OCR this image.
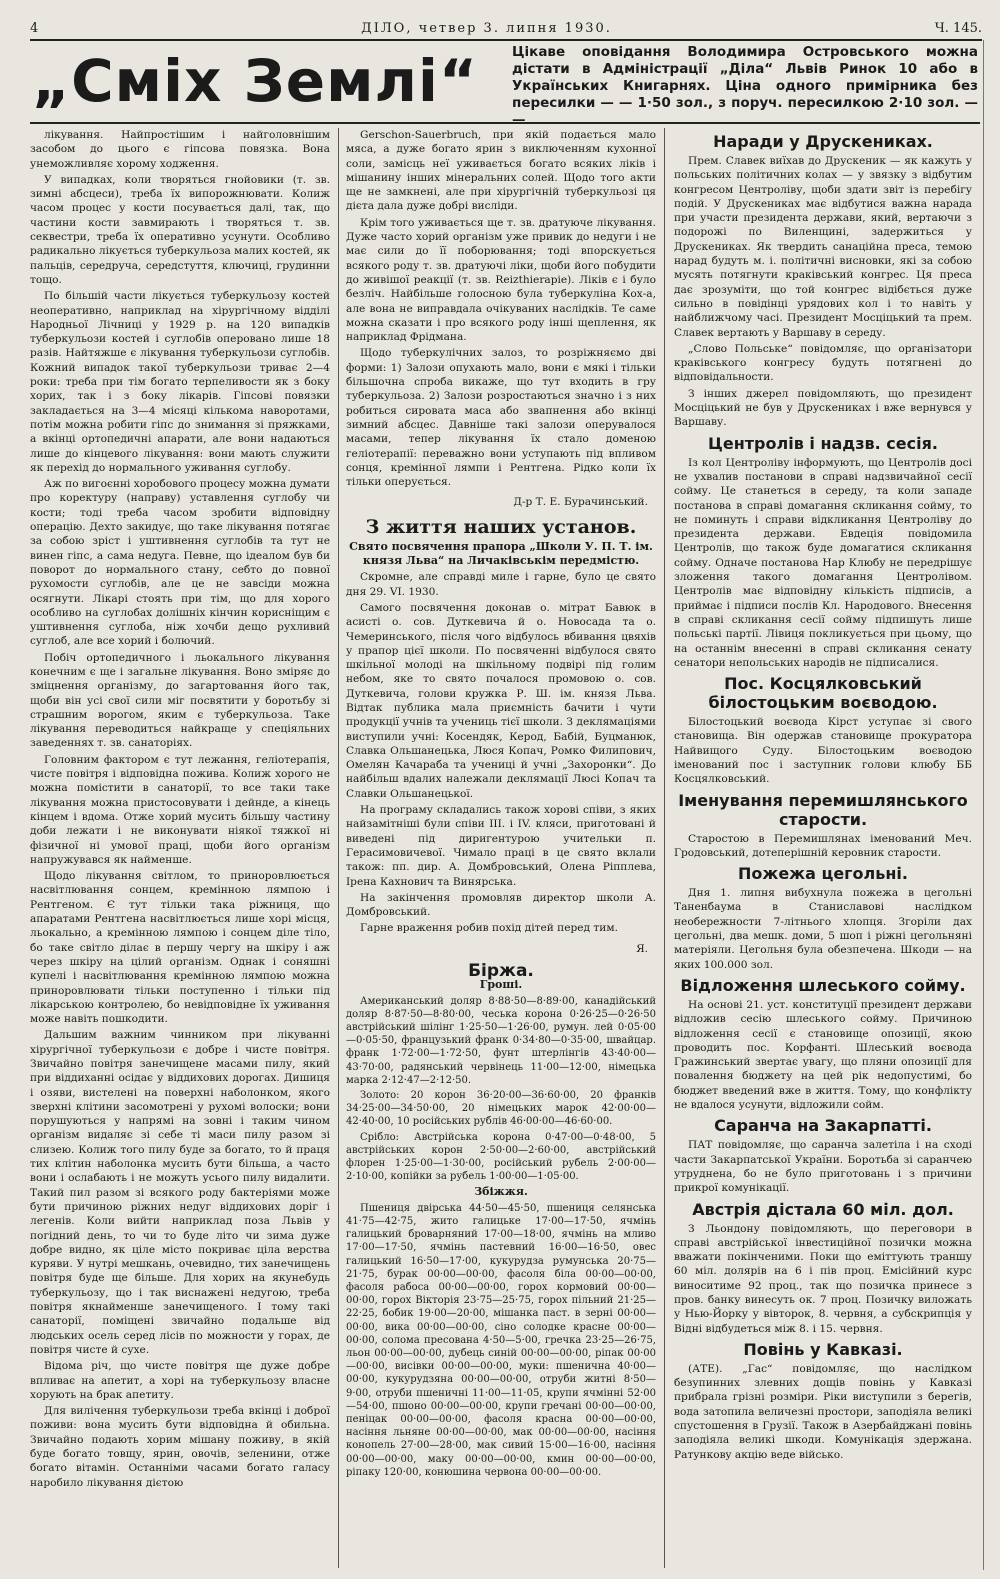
4	ДІЛО, четвер 3. липня 1930.	Ч. 145.
„Сміх Землі“	Цікаве оповідання Володимира Островського можна дістати в Адміністрації „Діла“ Львів Ринок 10 або в Українських Книгарнях. Ціна одного примірника без пересилки — — 1·50 зол., з поруч. пересилкою 2·10 зол. — —

лікування. Найпростішим і найголовнішим засобом до цього є гіпсова повязка. Вона унеможливляє хорому ходження.

У випадках, коли творяться гнойовики (т. зв. зимні абсцеси), треба їх випорожнювати. Колиж часом процес у кости посувається далі, так, що частини кости завмирають і творяться т. зв. секвестри, треба їх оперативно усунути. Особливо радикально лікується туберкульоза малих костей, як пальців, середруча, середстуття, ключиці, грудинни тощо.

По більшій части лікується туберкульозу костей неоперативно, наприклад на хірургічному відділі Народньої Лічниці у 1929 р. на 120 випадків туберкульози костей і суглобів оперовано лише 18 разів. Найтяжше є лікування туберкульози суглобів. Кожний випадок такої туберкульози триває 2—4 роки: треба при тім богато терпеливости як з боку хорих, так і з боку лікарів. Гіпсові повязки закладається на 3—4 місяці кількома наворотами, потім можна робити гіпс до знимання зі пряжками, а вкінці ортопедичні апарати, але вони надаються лише до кінцевого лікування: вони мають служити як перехід до нормального уживання суглобу.

Аж по вигоєнні хоробового процесу можна думати про коректуру (направу) уставлення суглобу чи кости; тоді треба часом зробити відповідну операцію. Дехто закидує, що таке лікування потягає за собою зріст і уштивнення суглобів та тут не винен гіпс, а сама недуга. Певне, що ідеалом був би поворот до нормального стану, себто до повної рухомости суглобів, але це не завсіди можна осягнути. Лікарі стоять при тім, що для хорого особливо на суглобах долішніх кінчин корисніщим є уштивнення суглоба, ніж хочби дещо рухливий суглоб, але все хорий і болючий.

Побіч ортопедичного і льокального лікування конечним є ще і загальне лікування. Воно зміряє до зміцнення організму, до загартовання його так, щоби він усі свої сили міг посвятити у боротьбу зі страшним ворогом, яким є туберкульоза. Таке лікування переводиться найкраще у спеціяльних заведеннях т. зв. санаторіях.

Головним фактором є тут лежання, геліотерапія, чисте повітря і відповідна пожива. Колиж хорого не можна помістити в санаторії, то все таки таке лікування можна пристосовувати і дейнде, а кінець кінцем і вдома. Отже хорий мусить більшу частину доби лежати і не виконувати ніякої тяжкої ні фізичної ні умової праці, щоби його організм напружувався як найменше.

Щодо лікування світлом, то приноровлюється насвітлювання сонцем, кремінною лямпою і Рентгеном. Є тут тільки така ріжниця, що апаратами Рентгена насвітлюється лише хорі місця, льокально, а кремінною лямпою і сонцем діле тіло, бо таке світло ділає в першу чергу на шкіру і аж через шкіру на цілий організм. Однак і соняшні купелі і насвітлювання кремінною лямпою можна приноровлювати тільки поступенно і тільки під лікарською контролею, бо невідповідне їх уживання може навіть пошкодити.

Дальшим важним чинником при лікуванні хірургічної туберкульози є добре і чисте повітря. Звичайно повітря занечищене масами пилу, який при віддиханні осідає у віддихових дорогах. Дишиця і озяви, вистелені на поверхні наболонком, якого зверхні клітини засомотрені у рухомі волоски; вони порушуються у напрямі на зовні і таким чином організм видаляє зі себе ті маси пилу разом зі слизею. Колиж того пилу буде за богато, то й праця тих клітин наболонка мусить бути більша, а часто вони і ослабають і не можуть усього пилу видалити. Такий пил разом зі всякого роду бактеріями може бути причиною ріжних недуг віддихових доріг і легенів. Коли вийти наприклад поза Львів у погідний день, то чи то буде літо чи зима дуже добре видно, як ціле місто покриває ціла верства куряви. У нутрі мешкань, очевидно, тих занечищень повітря буде ще більше. Для хорих на якунебудь туберкульозу, що і так виснажені недугою, треба повітря якнайменше занечищеного. І тому такі санаторії, поміщені звичайно подальше від людських осель серед лісів по можности у горах, де повітря чисте й сухе.

Відома річ, що чисте повітря ще дуже добре впливає на апетит, а хорі на туберкульозу власне хорують на брак апетиту.

Для вилічення туберкульози треба вкінці і доброї поживи: вона мусить бути відповідна й обильна. Звичайно подають хорим мішану поживу, в якій буде богато товщу, ярин, овочів, зеленини, отже богато вітамін. Останніми часами богато галасу наробило лікування дієтою

Gerschon-Sauerbruch, при якій подається мало мяса, а дуже богато ярин з виключенням кухонної соли, замісць неї уживається богато всяких ліків і мішанину інших мінеральних солей. Щодо того акти ще не замкнені, але при хірургічній туберкульозі ця дієта дала дуже добрі висліди.

Крім того уживається ще т. зв. дратуюче лікування. Дуже часто хорий організм уже привик до недуги і не має сили до її поборювання; тоді впорскується всякого роду т. зв. дратуючі ліки, щоби його побудити до живішої реакції (т. зв. Reizthierapie). Ліків є і було безліч. Найбільше голосною була туберкуліна Кох-а, але вона не виправдала очікуваних наслідків. Те саме можна сказати і про всякого роду інші щеплення, як наприклад Фрідмана.

Щодо туберкулічних залоз, то розріжняємо дві форми: 1) Залози опухають мало, вони є мякі і тільки більшочна спроба викаже, що тут входить в гру туберкульоза. 2) Залози розростаються значно і з них робиться сировата маса або звапнення або вкінці зимний абсцес. Давніше такі залози оперувалося масами, тепер лікування їх стало доменою геліотерапії: переважно вони уступають під впливом сонця, кремінної лямпи і Рентгена. Рідко коли їх тільки оперується.

Д-р Т. Е. Бурачинський.
З життя наших установ.
Свято посвячення прапора „Школи У. П. Т. ім. князя Льва“ на Личаківськім передмістю.

Скромне, але справді миле і гарне, було це свято дня 29. VI. 1930.

Самого посвячення доконав о. мітрат Бавюк в асисті о. сов. Дуткевича й о. Новосада та о. Чемеринського, після чого відбулось вбивання цвяхів у прапор цієї школи. По посвяченні відбулося свято шкільної молоді на шкільному подвірі під голим небом, яке то свято почалося промовою о. сов. Дуткевича, голови кружка Р. Ш. ім. князя Льва. Відтак публика мала приємність бачити і чути продукції учнів та учениць тієї школи. З деклямаціями виступили учні: Косендяк, Керод, Бабій, Буцманюк, Славка Ольшанецька, Люся Копач, Ромко Филипович, Омелян Качараба та учениці й учні „Захоронки“. До найбільш вдалих належали деклямації Люсі Копач та Славки Ольшанецької.

На програму складались також хорові співи, з яких найзамітніші були співи III. і IV. кляси, приготовані й виведені під диригентурою учительки п. Герасимовичевої. Чимало праці в це свято вклали також: пп. дир. А. Домбровський, Олена Ріпплева, Ірена Кахнович та Винярська.

На закінчення промовляв директор школи А. Домбровський.

Гарне враження робив похід дітей перед тим.

Я.
Біржа.
Гроші.

Американський доляр 8·88·50—8·89·00, канадійський доляр 8·87·50—8·80·00, чеська корона 0·26·25—0·26·50 австрійський шілінг 1·25·50—1·26·00, румун. лей 0·05·00—0·05·50, французький франк 0·34·80—0·35·00, швайцар. франк 1·72·00—1·72·50, фунт штерлінгів 43·40·00—43·70·00, радянський червінець 11·00—12·00, німецька марка 2·12·47—2·12·50.

Золото: 20 корон 36·20·00—36·60·00, 20 франків 34·25·00—34·50·00, 20 німецьких марок 42·00·00—42·40·00, 10 російських рублів 46·00·00—46·60·00.

Срібло: Австрійська корона 0·47·00—0·48·00, 5 австрійських корон 2·50·00—2·60·00, австрійський флорен 1·25·00—1·30·00, російський рубель 2·00·00—2·10·00, копійки за рубель 1·00·00—1·05·00.

Збіжжя.

Пшениця двірська 44·50—45·50, пшениця селянська 41·75—42·75, жито галицьке 17·00—17·50, ячмінь галицький броварняний 17·00—18·00, ячмінь на мливо 17·00—17·50, ячмінь пастевний 16·00—16·50, овес галицький 16·50—17·00, кукурудза румунська 20·75—21·75, бурак 00·00—00·00, фасоля біла 00·00—00·00, фасоля рабоса 00·00—00·00, горох кормовий 00·00—00·00, горох Вікторія 23·75—25·75, горох пільний 21·25—22·25, бобик 19·00—20·00, мішанка паст. в зерні 00·00—00·00, вика 00·00—00·00, сіно солодке красне 00·00—00·00, солома пресована 4·50—5·00, гречка 23·25—26·75, льон 00·00—00·00, дубець синій 00·00—00·00, ріпак 00·00—00·00, висівки 00·00—00·00, муки: пшенична 40·00—00·00, кукурудзяна 00·00—00·00, отруби житні 8·50—9·00, отруби пшеничні 11·00—11·05, крупи ячмінні 52·00—54·00, пшоно 00·00—00·00, крупи гречані 00·00—00·00, пеніцак 00·00—00·00, фасоля красна 00·00—00·00, насіння льняне 00·00—00·00, мак 00·00—00·00, насіння конопель 27·00—28·00, мак сивий 15·00—16·00, насіння 00·00—00·00, маку 00·00—00·00, кмин 00·00—00·00, ріпаку 120·00, конюшина червона 00·00—00·00.

Наради у Друскениках.

Прем. Славек виїхав до Друскеник — як кажуть у польських політичних колах — у звязку з відбутим конгресом Центроліву, щоби здати звіт із перебігу подій. У Друскениках має відбутися важна нарада при участи президента держави, який, вертаючи з подорожі по Виленщині, задержиться у Друскениках. Як твердить санаційна преса, темою нарад будуть м. і. політичні висновки, які за собою мусять потягнути краківський конгрес. Ця преса дає зрозуміти, що той конгрес відібється дуже сильно в повідінці урядових кол і то навіть у найближчому часі. Президент Мосціцький та прем. Славек вертають у Варшаву в середу.

„Слово Польське“ повідомляє, що організатори краківського конгресу будуть потягнені до відповідальности.

З інших джерел повідомляють, що президент Мосціцький не був у Друскениках і вже вернувся у Варшаву.

Центролів і надзв. сесія.

Із кол Центроліву інформують, що Центролів досі не ухвалив постанови в справі надзвичайної сесії сойму. Це станеться в середу, та коли западе постанова в справі домагання скликання сойму, то не поминуть і справи відкликання Центроліву до президента держави. Евдеція повідомила Центролів, що також буде домагатися скликання сойму. Одначе постанова Нар Клюбу не передрішує зложення такого домагання Центролівом. Центролів має відповідну кількість підписів, а приймає і підписи послів Кл. Народового. Внесення в справі скликання сесії сойму підпишуть лише польські партії. Лівиця покликується при цьому, що на останнім внесенні в справі скликання сенату сенатори непольських народів не підписалися.

Пос. Косцялковський білостоцьким воєводою.

Білостоцький воєвода Кірст уступає зі свого становища. Він одержав становище прокуратора Найвищого Суду. Білостоцьким воєводою іменований пос і заступник голови клюбу ББ Косцялковський.

Іменування перемишлянського старости.

Старостою в Перемишлянах іменований Меч. Гродовський, дотеперішній керовник старости.

Пожежа цегольні.

Дня 1. липня вибухнула пожежа в цегольні Таненбаума в Станиславові наслідком необережности 7-літнього хлопця. Згоріли дах цегольні, два мешк. доми, 5 шоп і ріжні цегольняні матеріяли. Цегольня була обезпечена. Шкоди — на яких 100.000 зол.

Відложення шлеського сойму.

На основі 21. уст. конституції президент держави відложив сесію шлеського сойму. Причиною відложення сесії є становище опозиції, якою проводить пос. Корфанті. Шлеський воєвода Гражинський звертає увагу, що пляни опозиції для повалення бюджету на цей рік недопустимі, бо бюджет введений вже в життя. Тому, що конфлікту не вдалося усунути, відложили сойм.

Саранча на Закарпатті.

ПАТ повідомляє, що саранча залетіла і на сході части Закарпатської України. Боротьба зі саранчею утруднена, бо не було приготовань і з причини прикрої комунікації.

Австрія дістала 60 міл. дол.

З Льондону повідомляють, що переговори в справі австрійської інвестиційної позички можна вважати покінченими. Поки що еміттують траншу 60 міл. долярів на 6 і пів проц. Емісійний курс виноситиме 92 проц., так що позичка принесе з пров. банку винесуть ок. 7 проц. Позичку виложать у Нью-Йорку у вівторок, 8. червня, а субскрипція у Відні відбудеться між 8. і 15. червня.

Повінь у Кавказі.

(АТЕ). „Гас“ повідомляє, що наслідком безупинних злевних дощів повінь у Кавказі прибрала грізні розміри. Ріки виступили з берегів, вода затопила величезні простори, заподіяла великі спустошення в Грузії. Також в Азербайджані повінь заподіяла великі шкоди. Комунікація здержана. Ратунковy акцію веде військо.
